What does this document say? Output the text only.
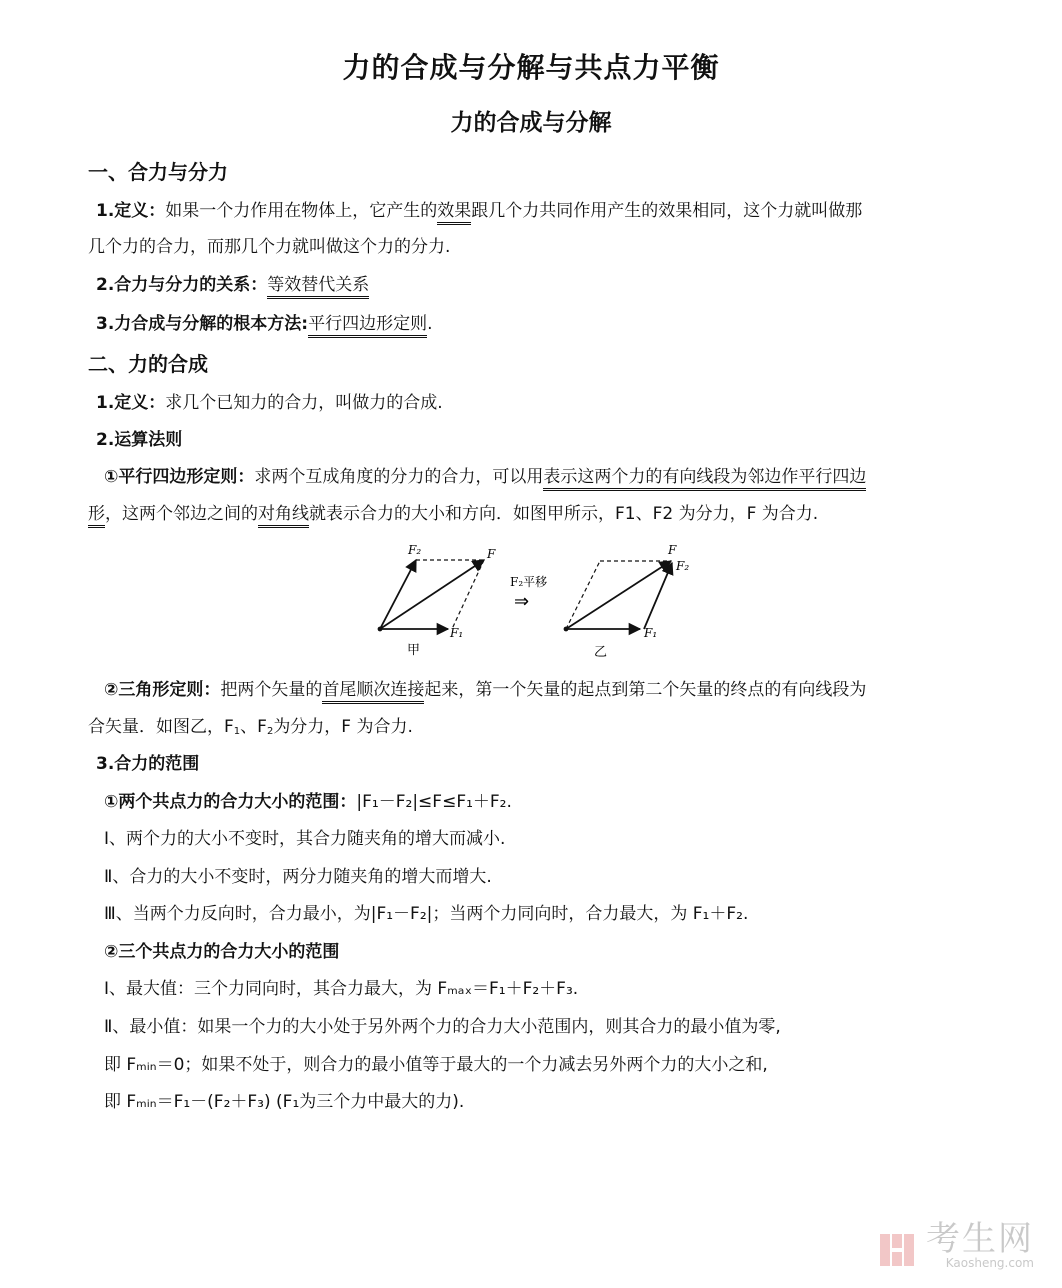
力的合成与分解与共点力平衡
力的合成与分解
一、合力与分力
1.定义：如果一个力作用在物体上，它产生的效果跟几个力共同作用产生的效果相同，这个力就叫做那
几个力的合力，而那几个力就叫做这个力的分力.
2.合力与分力的关系：等效替代关系
3.力合成与分解的根本方法:平行四边形定则.
二、力的合成
1.定义：求几个已知力的合力，叫做力的合成.
2.运算法则
①平行四边形定则：求两个互成角度的分力的合力，可以用表示这两个力的有向线段为邻边作平行四边
形，这两个邻边之间的对角线就表示合力的大小和方向．如图甲所示，F1、F2 为分力，F 为合力.
F₂	F
F₁
甲
F₂平移
⇒
F
F₂
F₁
乙
②三角形定则：把两个矢量的首尾顺次连接起来，第一个矢量的起点到第二个矢量的终点的有向线段为
合矢量．如图乙，$F_1$、$F_2$为分力，F 为合力.
3.合力的范围
①两个共点力的合力大小的范围：|F₁－F₂|≤F≤F₁＋F₂.
Ⅰ、两个力的大小不变时，其合力随夹角的增大而减小.
Ⅱ、合力的大小不变时，两分力随夹角的增大而增大.
Ⅲ、当两个力反向时，合力最小，为|F₁－F₂|；当两个力同向时，合力最大，为 F₁＋F₂.
②三个共点力的合力大小的范围
Ⅰ、最大值：三个力同向时，其合力最大，为 Fₘₐₓ＝F₁＋F₂＋F₃.
Ⅱ、最小值：如果一个力的大小处于另外两个力的合力大小范围内，则其合力的最小值为零,
即 Fₘᵢₙ＝0；如果不处于，则合力的最小值等于最大的一个力减去另外两个力的大小之和,
即 Fₘᵢₙ＝F₁－(F₂＋F₃) (F₁为三个力中最大的力).
考生网
Kaosheng.com
